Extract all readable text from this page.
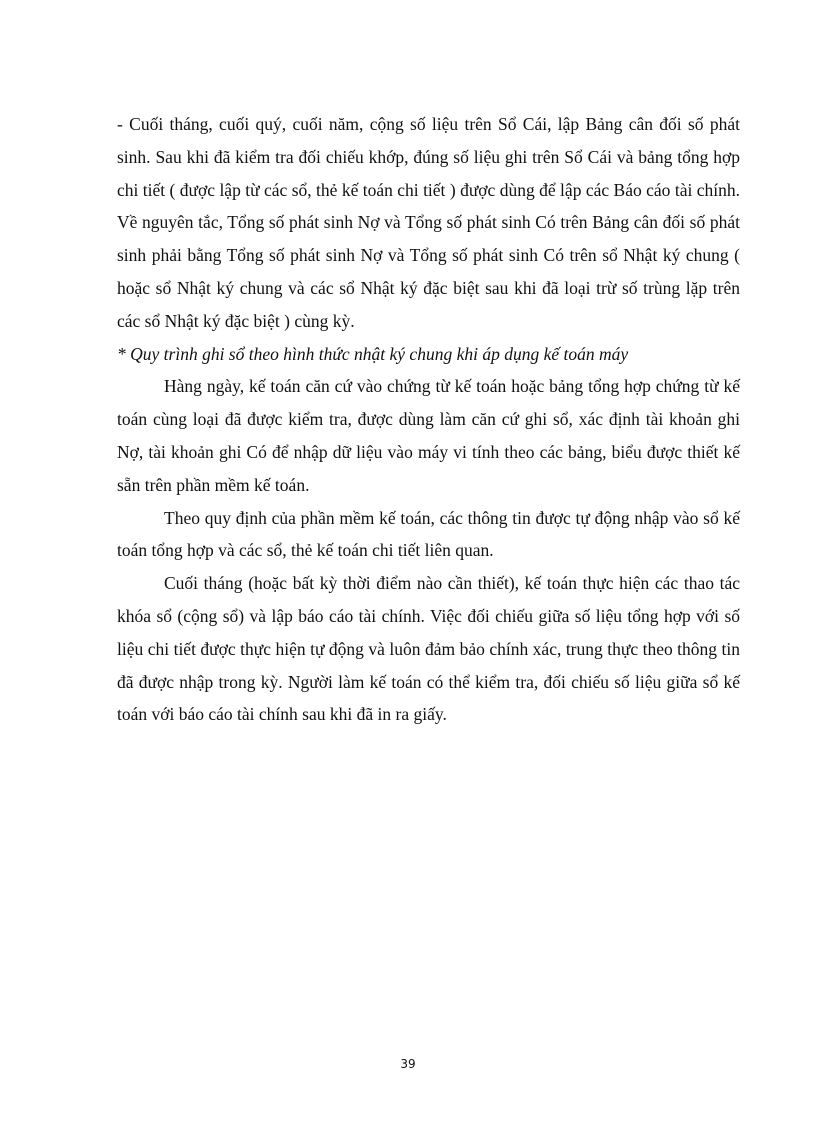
- Cuối tháng, cuối quý, cuối năm, cộng số liệu trên Sổ Cái, lập Bảng cân đối số phát sinh. Sau khi đã kiểm tra đối chiếu khớp, đúng số liệu ghi trên Sổ Cái và bảng tổng hợp chi tiết ( được lập từ các sổ, thẻ kế toán chi tiết ) được dùng để lập các Báo cáo tài chính. Về nguyên tắc, Tổng số phát sinh Nợ và Tổng số phát sinh Có trên Bảng cân đối số phát sinh phải bằng Tổng số phát sinh Nợ và Tổng số phát sinh Có trên sổ Nhật ký chung ( hoặc sổ Nhật ký chung và các sổ Nhật ký đặc biệt sau khi đã loại trừ số trùng lặp trên các sổ Nhật ký đặc biệt ) cùng kỳ.

* Quy trình ghi sổ theo hình thức nhật ký chung khi áp dụng kế toán máy

Hàng ngày, kế toán căn cứ vào chứng từ kế toán hoặc bảng tổng hợp chứng từ kế toán cùng loại đã được kiểm tra, được dùng làm căn cứ ghi sổ, xác định tài khoản ghi Nợ, tài khoản ghi Có để nhập dữ liệu vào máy vi tính theo các bảng, biểu được thiết kế sẵn trên phần mềm kế toán.

Theo quy định của phần mềm kế toán, các thông tin được tự động nhập vào sổ kế toán tổng hợp và các sổ, thẻ kế toán chi tiết liên quan.

Cuối tháng (hoặc bất kỳ thời điểm nào cần thiết), kế toán thực hiện các thao tác khóa sổ (cộng sổ) và lập báo cáo tài chính. Việc đối chiếu giữa số liệu tổng hợp với số liệu chi tiết được thực hiện tự động và luôn đảm bảo chính xác, trung thực theo thông tin đã được nhập trong kỳ. Người làm kế toán có thể kiểm tra, đối chiếu số liệu giữa sổ kế toán với báo cáo tài chính sau khi đã in ra giấy.

39
